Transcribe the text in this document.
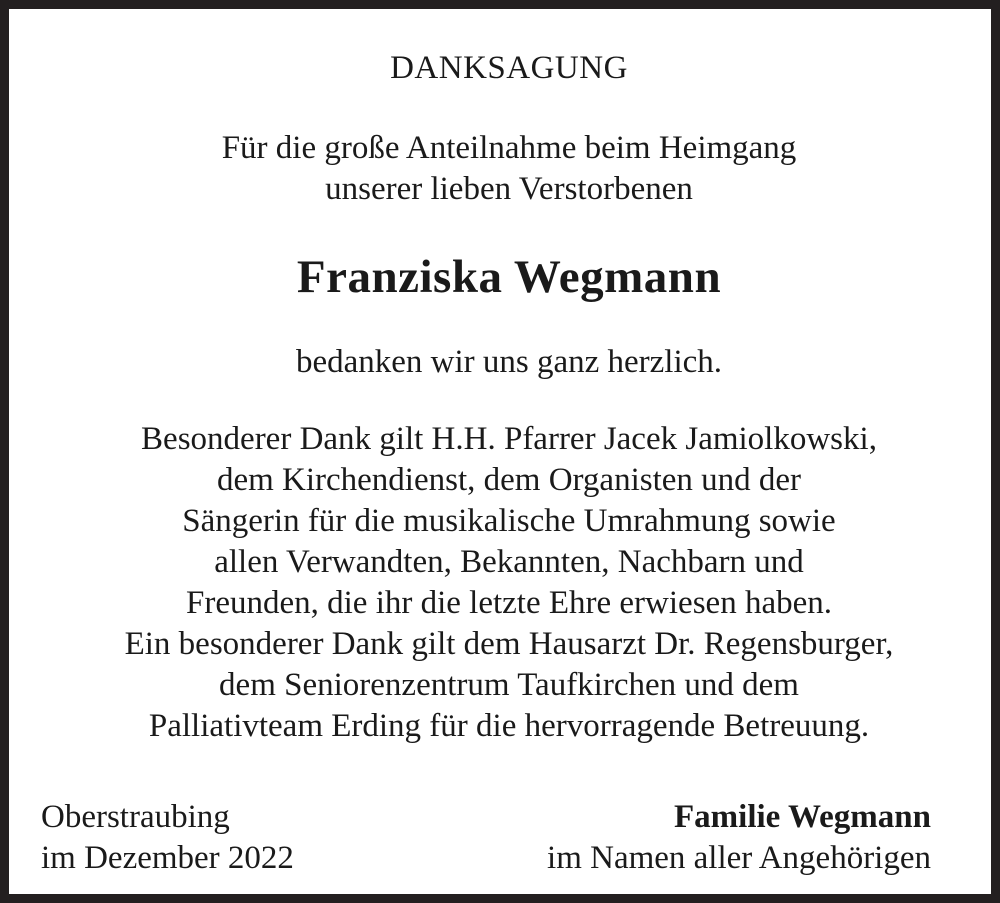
DANKSAGUNG
Für die große Anteilnahme beim Heimgang
unserer lieben Verstorbenen
Franziska Wegmann
bedanken wir uns ganz herzlich.
Besonderer Dank gilt H.H. Pfarrer Jacek Jamiolkowski,
dem Kirchendienst, dem Organisten und der
Sängerin für die musikalische Umrahmung sowie
allen Verwandten, Bekannten, Nachbarn und
Freunden, die ihr die letzte Ehre erwiesen haben.
Ein besonderer Dank gilt dem Hausarzt Dr. Regensburger,
dem Seniorenzentrum Taufkirchen und dem
Palliativteam Erding für die hervorragende Betreuung.
Oberstraubing
im Dezember 2022
Familie Wegmann
im Namen aller Angehörigen
